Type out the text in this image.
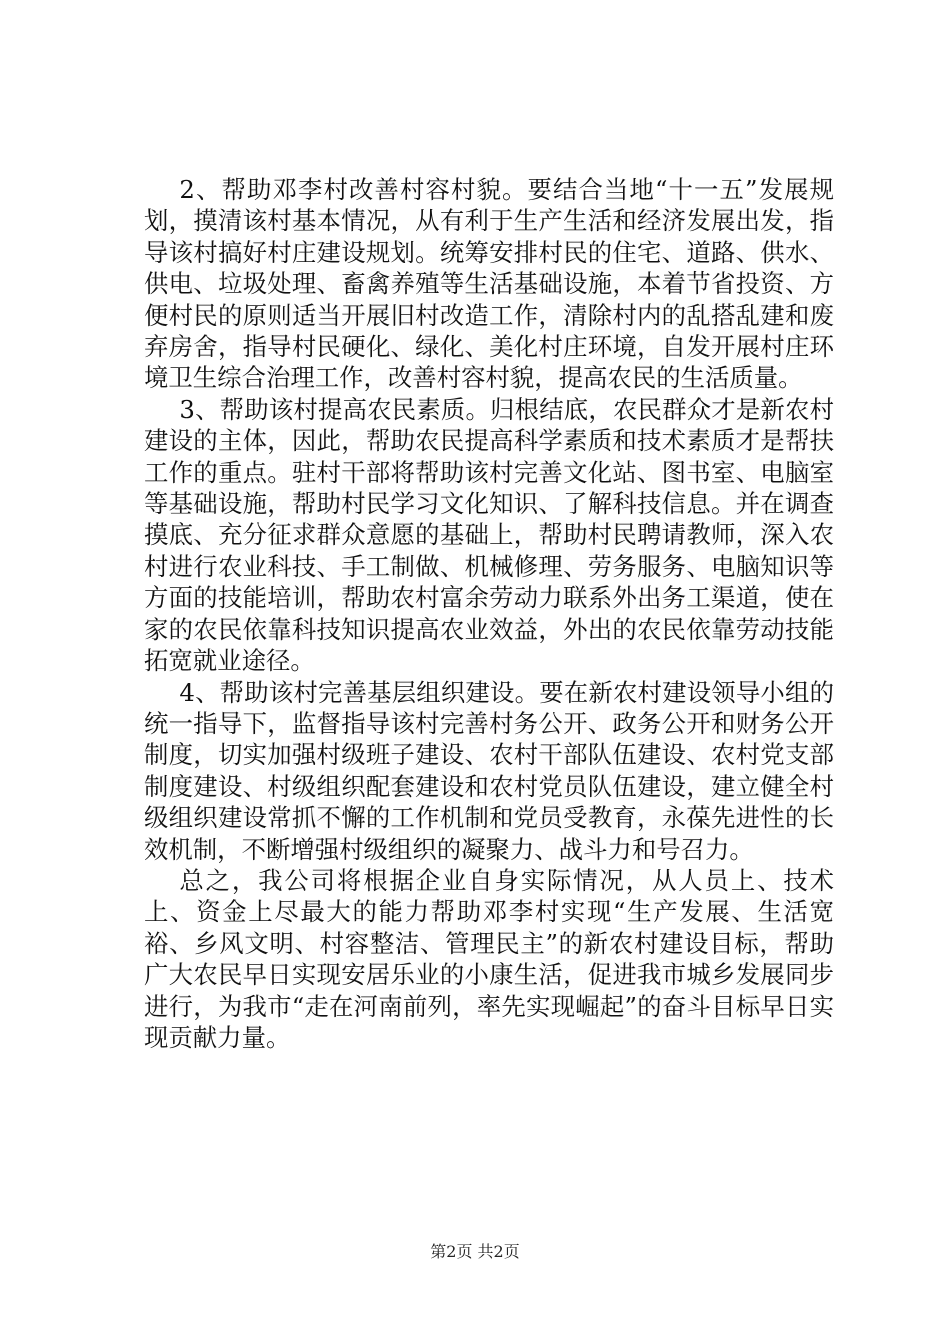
2、帮助邓李村改善村容村貌。要结合当地“十一五”发展规划，摸清该村基本情况，从有利于生产生活和经济发展出发，指导该村搞好村庄建设规划。统筹安排村民的住宅、道路、供水、供电、垃圾处理、畜禽养殖等生活基础设施，本着节省投资、方便村民的原则适当开展旧村改造工作，清除村内的乱搭乱建和废弃房舍，指导村民硬化、绿化、美化村庄环境，自发开展村庄环境卫生综合治理工作，改善村容村貌，提高农民的生活质量。

3、帮助该村提高农民素质。归根结底，农民群众才是新农村建设的主体，因此，帮助农民提高科学素质和技术素质才是帮扶工作的重点。驻村干部将帮助该村完善文化站、图书室、电脑室等基础设施，帮助村民学习文化知识、了解科技信息。并在调查摸底、充分征求群众意愿的基础上，帮助村民聘请教师，深入农村进行农业科技、手工制做、机械修理、劳务服务、电脑知识等方面的技能培训，帮助农村富余劳动力联系外出务工渠道，使在家的农民依靠科技知识提高农业效益，外出的农民依靠劳动技能拓宽就业途径。

4、帮助该村完善基层组织建设。要在新农村建设领导小组的统一指导下，监督指导该村完善村务公开、政务公开和财务公开制度，切实加强村级班子建设、农村干部队伍建设、农村党支部制度建设、村级组织配套建设和农村党员队伍建设，建立健全村级组织建设常抓不懈的工作机制和党员受教育，永葆先进性的长效机制，不断增强村级组织的凝聚力、战斗力和号召力。

总之，我公司将根据企业自身实际情况，从人员上、技术上、资金上尽最大的能力帮助邓李村实现“生产发展、生活宽裕、乡风文明、村容整洁、管理民主”的新农村建设目标，帮助广大农民早日实现安居乐业的小康生活，促进我市城乡发展同步进行，为我市“走在河南前列，率先实现崛起”的奋斗目标早日实现贡献力量。

第2页 共2页
